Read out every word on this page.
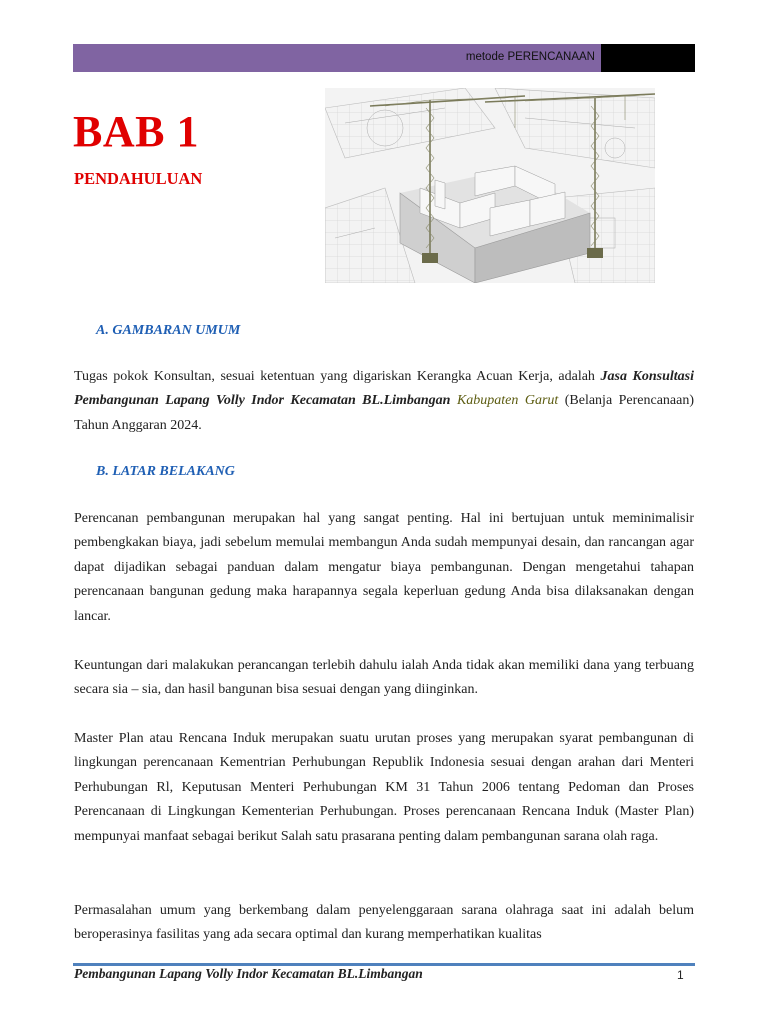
metode PERENCANAAN
BAB 1
PENDAHULUAN
A. GAMBARAN UMUM
Tugas pokok Konsultan, sesuai ketentuan yang digariskan Kerangka Acuan Kerja, adalah Jasa Konsultasi Pembangunan Lapang Volly Indor Kecamatan BL.Limbangan Kabupaten Garut (Belanja Perencanaan) Tahun Anggaran 2024.
B. LATAR BELAKANG
Perencanan pembangunan merupakan hal yang sangat penting. Hal ini bertujuan untuk meminimalisir pembengkakan biaya, jadi sebelum memulai membangun Anda sudah mempunyai desain, dan rancangan agar dapat dijadikan sebagai panduan dalam mengatur biaya pembangunan. Dengan mengetahui tahapan perencanaan bangunan gedung maka harapannya segala keperluan gedung Anda bisa dilaksanakan dengan lancar.
Keuntungan dari malakukan perancangan terlebih dahulu ialah Anda tidak akan memiliki dana yang terbuang secara sia – sia, dan hasil bangunan bisa sesuai dengan yang diinginkan.
Master Plan atau Rencana Induk merupakan suatu urutan proses yang merupakan syarat pembangunan di lingkungan perencanaan Kementrian Perhubungan Republik Indonesia sesuai dengan arahan dari Menteri Perhubungan Rl, Keputusan Menteri Perhubungan KM 31 Tahun 2006 tentang Pedoman dan Proses Perencanaan di Lingkungan Kementerian Perhubungan. Proses perencanaan Rencana Induk (Master Plan) mempunyai manfaat sebagai berikut Salah satu prasarana penting dalam pembangunan sarana olah raga.
Permasalahan umum yang berkembang dalam penyelenggaraan sarana olahraga saat ini adalah belum beroperasinya fasilitas yang ada secara optimal dan kurang memperhatikan kualitas
Pembangunan Lapang Volly Indor Kecamatan BL.Limbangan	1
